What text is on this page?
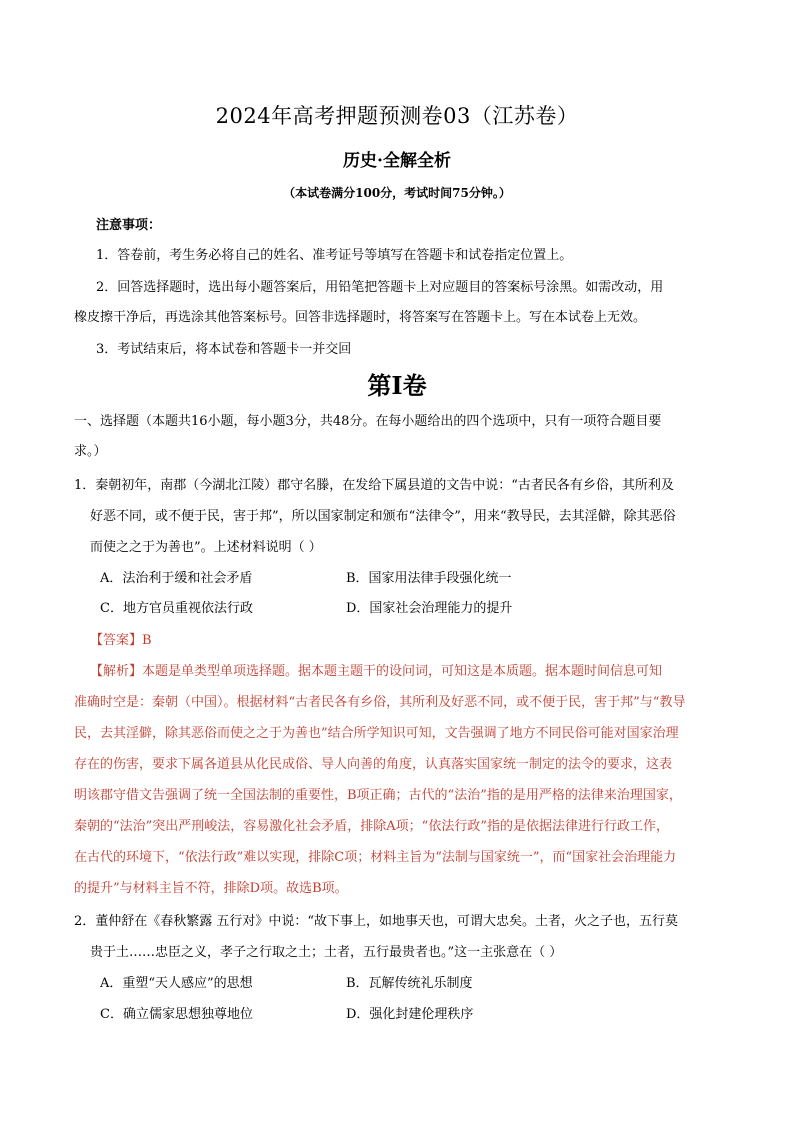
2024年高考押题预测卷03（江苏卷）
历史·全解全析
（本试卷满分100分，考试时间75分钟。）
注意事项：
1．答卷前，考生务必将自己的姓名、准考证号等填写在答题卡和试卷指定位置上。
2．回答选择题时，选出每小题答案后，用铅笔把答题卡上对应题目的答案标号涂黑。如需改动，用
橡皮擦干净后，再选涂其他答案标号。回答非选择题时，将答案写在答题卡上。写在本试卷上无效。
3．考试结束后，将本试卷和答题卡一并交回
第Ⅰ卷
一、选择题（本题共16小题，每小题3分，共48分。在每小题给出的四个选项中，只有一项符合题目要
求。）
1．秦朝初年，南郡（今湖北江陵）郡守名滕，在发给下属县道的文告中说：“古者民各有乡俗，其所利及
好恶不同，或不便于民，害于邦”，所以国家制定和颁布“法律令”，用来“教导民，去其淫僻，除其恶俗
而使之之于为善也”。上述材料说明（ ）
A．法治利于缓和社会矛盾	B．国家用法律手段强化统一
C．地方官员重视依法行政	D．国家社会治理能力的提升
【答案】B
【解析】本题是单类型单项选择题。据本题主题干的设问词，可知这是本质题。据本题时间信息可知
准确时空是：秦朝（中国）。根据材料“古者民各有乡俗，其所利及好恶不同，或不便于民，害于邦”与“教导
民，去其淫僻，除其恶俗而使之之于为善也”结合所学知识可知，文告强调了地方不同民俗可能对国家治理
存在的伤害，要求下属各道县从化民成俗、导人向善的角度，认真落实国家统一制定的法令的要求，这表
明该郡守借文告强调了统一全国法制的重要性，B项正确；古代的“法治”指的是用严格的法律来治理国家，
秦朝的“法治”突出严刑峻法，容易激化社会矛盾，排除A项；“依法行政”指的是依据法律进行行政工作，
在古代的环境下，“依法行政”难以实现，排除C项；材料主旨为“法制与国家统一”，而“国家社会治理能力
的提升”与材料主旨不符，排除D项。故选B项。
2．董仲舒在《春秋繁露 五行对》中说：“故下事上，如地事天也，可谓大忠矣。土者，火之子也，五行莫
贵于土……忠臣之义，孝子之行取之土；土者，五行最贵者也。”这一主张意在（ ）
A．重塑“天人感应”的思想	B．瓦解传统礼乐制度
C．确立儒家思想独尊地位	D．强化封建伦理秩序
